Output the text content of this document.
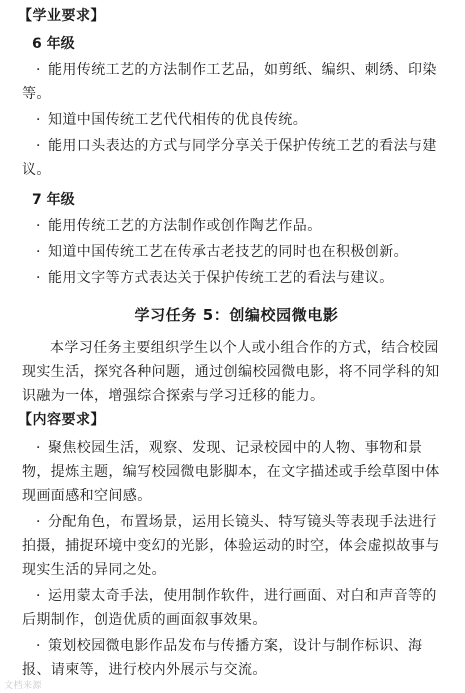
【学业要求】
6 年级

· 能用传统工艺的方法制作工艺品，如剪纸、编织、刺绣、印染等。

· 知道中国传统工艺代代相传的优良传统。

· 能用口头表达的方式与同学分享关于保护传统工艺的看法与建议。

7 年级

· 能用传统工艺的方法制作或创作陶艺作品。

· 知道中国传统工艺在传承古老技艺的同时也在积极创新。

· 能用文字等方式表达关于保护传统工艺的看法与建议。

学习任务 5：创编校园微电影

本学习任务主要组织学生以个人或小组合作的方式，结合校园现实生活，探究各种问题，通过创编校园微电影，将不同学科的知识融为一体，增强综合探索与学习迁移的能力。

【内容要求】

· 聚焦校园生活，观察、发现、记录校园中的人物、事物和景物，提炼主题，编写校园微电影脚本，在文字描述或手绘草图中体现画面感和空间感。

· 分配角色，布置场景，运用长镜头、特写镜头等表现手法进行拍摄，捕捉环境中变幻的光影，体验运动的时空，体会虚拟故事与现实生活的异同之处。

· 运用蒙太奇手法，使用制作软件，进行画面、对白和声音等的后期制作，创造优质的画面叙事效果。

· 策划校园微电影作品发布与传播方案，设计与制作标识、海报、请柬等，进行校内外展示与交流。

文档来源
